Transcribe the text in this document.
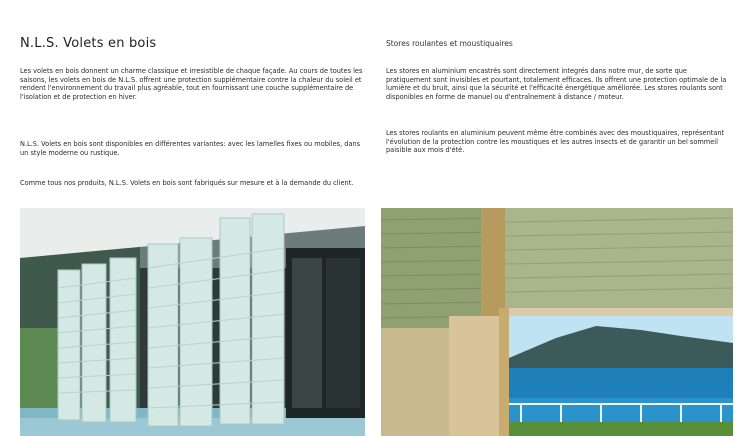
N.L.S. Volets en bois

Les volets en bois donnent un charme classique et irresistible de chaque façade. Au cours de toutes les saisons, les volets en bois de N.L.S. offrent une protection supplémentaire contre la chaleur du soleil et rendent l'environnement du travail plus agréable, tout en fournissant une couche supplémentaire de l'isolation et de protection en hiver.

N.L.S. Volets en bois sont disponibles en différentes variantes: avec les lamelles fixes ou mobiles, dans un style moderne ou rustique.

Comme tous nos produits, N.L.S. Volets en bois sont fabriqués sur mesure et à la demande du client.

Stores roulantes et moustiquaires

Les stores en aluminium encastrés sont directement integrés dans notre mur, de sorte que pratiquement sont invisibles et pourtant, totalement efficaces. Ils offrent une protection optimale de la lumière et du bruit, ainsi que la sécurité et l'efficacité énergétique améliorée. Les stores roulants sont disponibles en forme de manuel ou d'entraînement à distance / moteur.

Les stores roulants en aluminium peuvent même être combinés avec des moustiquaires, représentant l'évolution de la protection contre les moustiques et les autres insects et de garantir un bel sommeil paisible aux mois d'été.
